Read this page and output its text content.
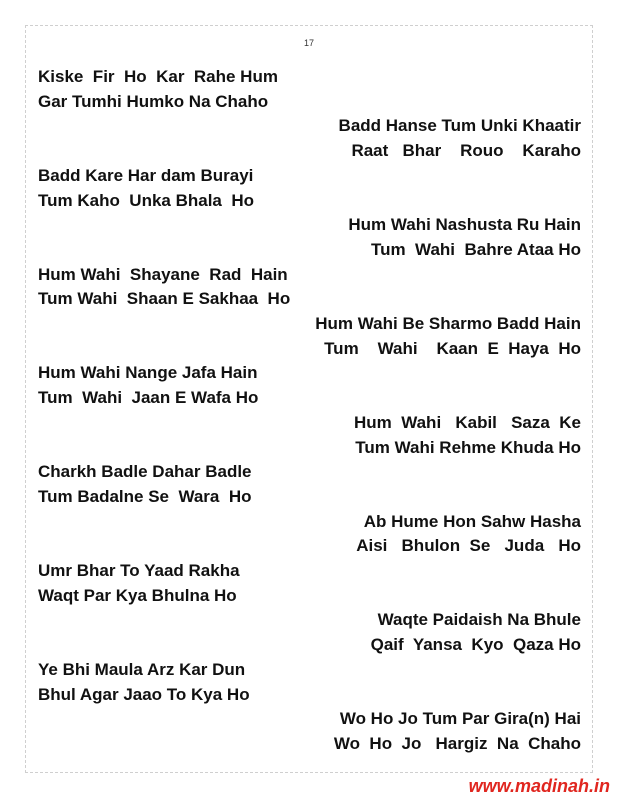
17
Kiske  Fir  Ho  Kar  Rahe Hum
Gar Tumhi Humko Na Chaho
Badd Hanse Tum Unki Khaatir
Raat   Bhar    Rouo    Karaho
Badd Kare Har dam Burayi
Tum Kaho  Unka Bhala  Ho
Hum Wahi Nashusta Ru Hain
Tum  Wahi  Bahre Ataa Ho
Hum Wahi  Shayane  Rad  Hain
Tum Wahi  Shaan E Sakhaa  Ho
Hum Wahi Be Sharmo Badd Hain
Tum    Wahi    Kaan  E  Haya  Ho
Hum Wahi Nange Jafa Hain
Tum  Wahi  Jaan E Wafa Ho
Hum  Wahi   Kabil   Saza  Ke
Tum Wahi Rehme Khuda Ho
Charkh Badle Dahar Badle
Tum Badalne Se  Wara  Ho
Ab Hume Hon Sahw Hasha
Aisi   Bhulon  Se   Juda   Ho
Umr Bhar To Yaad Rakha
Waqt Par Kya Bhulna Ho
Waqte Paidaish Na Bhule
Qaif  Yansa  Kyo  Qaza Ho
Ye Bhi Maula Arz Kar Dun
Bhul Agar Jaao To Kya Ho
Wo Ho Jo Tum Par Gira(n) Hai
Wo  Ho  Jo   Hargiz  Na  Chaho
www.madinah.in
